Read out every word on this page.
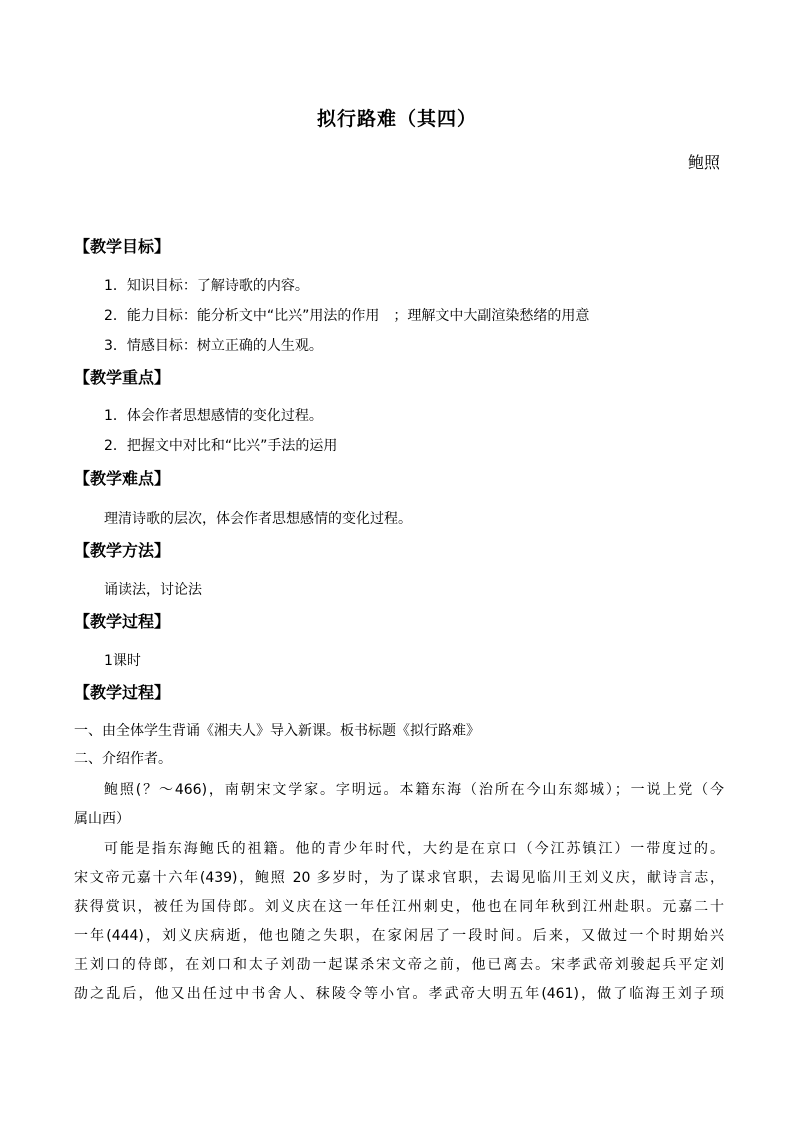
拟行路难（其四）
鲍照
【教学目标】
1．知识目标：了解诗歌的内容。
2．能力目标：能分析文中“比兴”用法的作用　；理解文中大副渲染愁绪的用意
3．情感目标：树立正确的人生观。
【教学重点】
1．体会作者思想感情的变化过程。
2．把握文中对比和“比兴”手法的运用
【教学难点】
理清诗歌的层次，体会作者思想感情的变化过程。
【教学方法】
诵读法，讨论法
【教学过程】
1课时
【教学过程】
一、由全体学生背诵《湘夫人》导入新课。板书标题《拟行路难》
二、介绍作者。
鲍照(？～466)，南朝宋文学家。字明远。本籍东海（治所在今山东郯城）；一说上党（今
属山西）
可能是指东海鲍氏的祖籍。他的青少年时代，大约是在京口（今江苏镇江）一带度过的。
宋文帝元嘉十六年(439)，鲍照 20 多岁时，为了谋求官职，去谒见临川王刘义庆，献诗言志，
获得赏识，被任为国侍郎。刘义庆在这一年任江州刺史，他也在同年秋到江州赴职。元嘉二十
一年(444)，刘义庆病逝，他也随之失职，在家闲居了一段时间。后来，又做过一个时期始兴
王刘口的侍郎，在刘口和太子刘劭一起谋杀宋文帝之前，他已离去。宋孝武帝刘骏起兵平定刘
劭之乱后，他又出任过中书舍人、秣陵令等小官。孝武帝大明五年(461)，做了临海王刘子顼
